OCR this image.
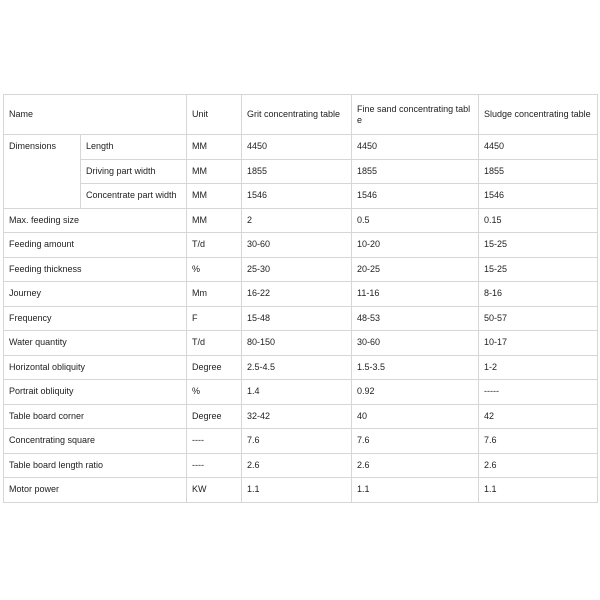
Name		Unit	Grit concentrating table	Fine sand concentrating table	Sludge concentrating table
Dimensions	Length	MM	4450	4450	4450
	Driving part width	MM	1855	1855	1855
	Concentrate part width	MM	1546	1546	1546
Max. feeding size		MM	2	0.5	0.15
Feeding amount		T/d	30-60	10-20	15-25
Feeding thickness		%	25-30	20-25	15-25
Journey		Mm	16-22	11-16	8-16
Frequency		F	15-48	48-53	50-57
Water quantity		T/d	80-150	30-60	10-17
Horizontal obliquity		Degree	2.5-4.5	1.5-3.5	1-2
Portrait obliquity		%	1.4	0.92	-----
Table board corner		Degree	32-42	40	42
Concentrating square		----	7.6	7.6	7.6
Table board length ratio		----	2.6	2.6	2.6
Motor power		KW	1.1	1.1	1.1
